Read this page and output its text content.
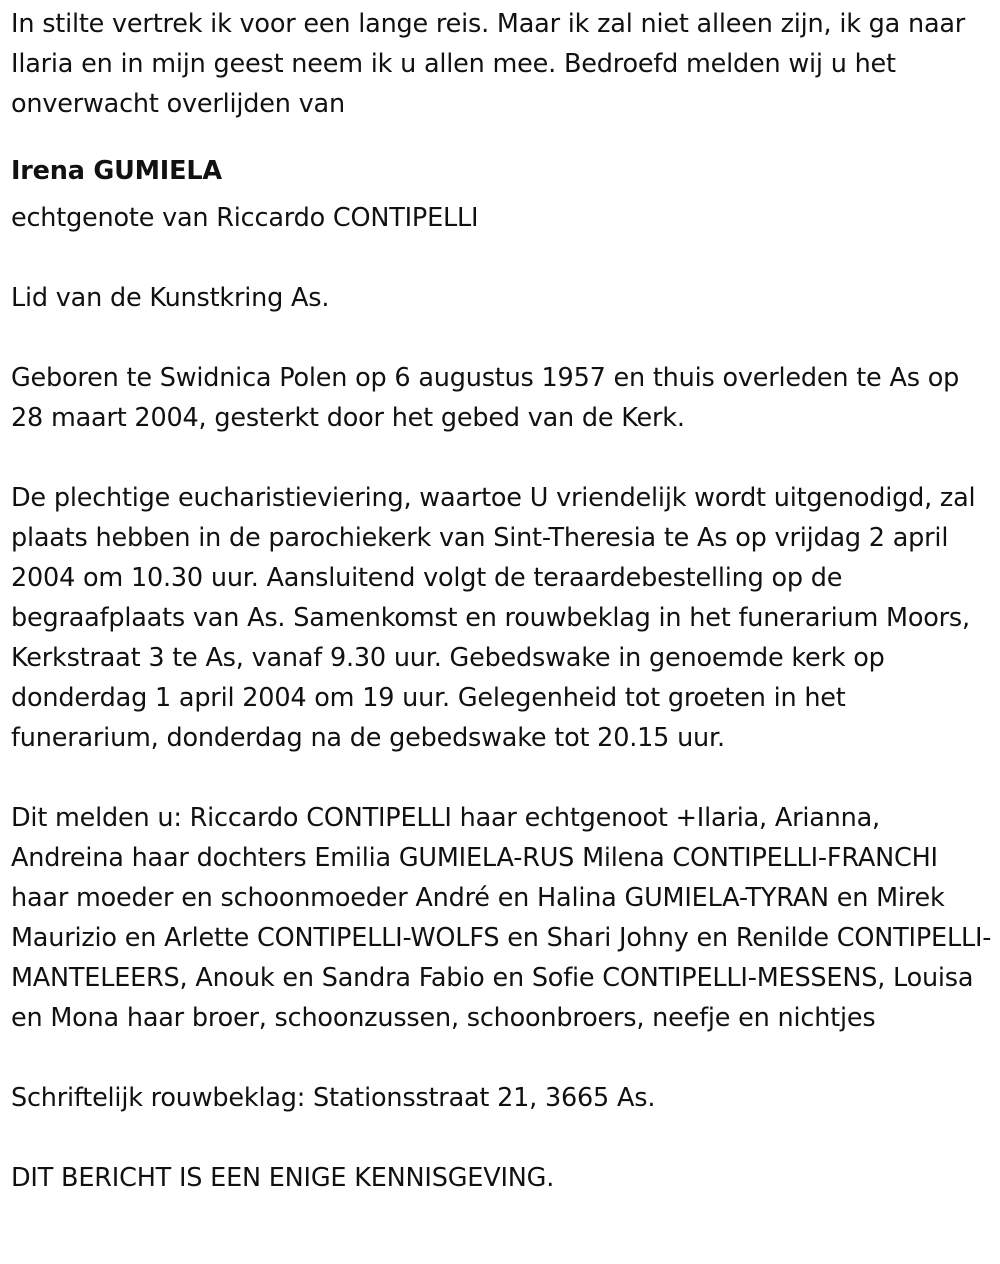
In stilte vertrek ik voor een lange reis. Maar ik zal niet alleen zijn, ik ga naar Ilaria en in mijn geest neem ik u allen mee. Bedroefd melden wij u het onverwacht overlijden van

Irena GUMIELA

echtgenote van Riccardo CONTIPELLI

Lid van de Kunstkring As.

Geboren te Swidnica Polen op 6 augustus 1957 en thuis overleden te As op 28 maart 2004, gesterkt door het gebed van de Kerk.

De plechtige eucharistieviering, waartoe U vriendelijk wordt uitgenodigd, zal plaats hebben in de parochiekerk van Sint-Theresia te As op vrijdag 2 april 2004 om 10.30 uur. Aansluitend volgt de teraardebestelling op de begraafplaats van As. Samenkomst en rouwbeklag in het funerarium Moors, Kerkstraat 3 te As, vanaf 9.30 uur. Gebedswake in genoemde kerk op donderdag 1 april 2004 om 19 uur. Gelegenheid tot groeten in het funerarium, donderdag na de gebedswake tot 20.15 uur.

Dit melden u: Riccardo CONTIPELLI haar echtgenoot +Ilaria, Arianna, Andreina haar dochters Emilia GUMIELA-RUS Milena CONTIPELLI-FRANCHI haar moeder en schoonmoeder André en Halina GUMIELA-TYRAN en Mirek Maurizio en Arlette CONTIPELLI-WOLFS en Shari Johny en Renilde CONTIPELLI-MANTELEERS, Anouk en Sandra Fabio en Sofie CONTIPELLI-MESSENS, Louisa en Mona haar broer, schoonzussen, schoonbroers, neefje en nichtjes

Schriftelijk rouwbeklag: Stationsstraat 21, 3665 As.

DIT BERICHT IS EEN ENIGE KENNISGEVING.
